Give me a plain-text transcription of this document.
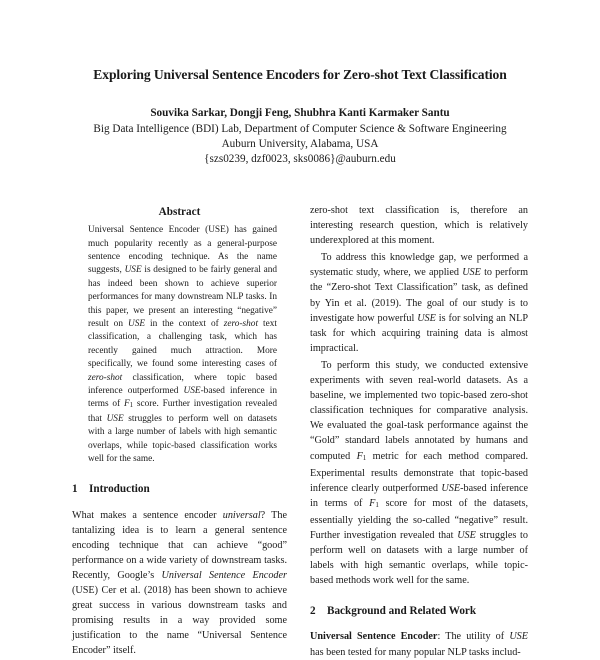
Exploring Universal Sentence Encoders for Zero-shot Text Classification
Souvika Sarkar, Dongji Feng, Shubhra Kanti Karmaker Santu
Big Data Intelligence (BDI) Lab, Department of Computer Science & Software Engineering
Auburn University, Alabama, USA
{szs0239, dzf0023, sks0086}@auburn.edu
Abstract

Universal Sentence Encoder (USE) has gained much popularity recently as a general-purpose sentence encoding technique. As the name suggests, USE is designed to be fairly general and has indeed been shown to achieve superior performances for many downstream NLP tasks. In this paper, we present an interesting “negative” result on USE in the context of zero-shot text classification, a challenging task, which has recently gained much attraction. More specifically, we found some interesting cases of zero-shot classification, where topic based inference outperformed USE-based inference in terms of F1 score. Further investigation revealed that USE struggles to perform well on datasets with a large number of labels with high semantic overlaps, while topic-based classification works well for the same.

1 Introduction

What makes a sentence encoder universal? The tantalizing idea is to learn a general sentence encoding technique that can achieve “good” performance on a wide variety of downstream tasks. Recently, Google’s Universal Sentence Encoder (USE) Cer et al. (2018) has been shown to achieve great success in various downstream tasks and promising results in a way provided some justification to the name “Universal Sentence Encoder” itself.

zero-shot text classification is, therefore an interesting research question, which is relatively underexplored at this moment.

To address this knowledge gap, we performed a systematic study, where, we applied USE to perform the “Zero-shot Text Classification” task, as defined by Yin et al. (2019). The goal of our study is to investigate how powerful USE is for solving an NLP task for which acquiring training data is almost impractical.

To perform this study, we conducted extensive experiments with seven real-world datasets. As a baseline, we implemented two topic-based zero-shot classification techniques for comparative analysis. We evaluated the goal-task performance against the “Gold” standard labels annotated by humans and computed F1 metric for each method compared. Experimental results demonstrate that topic-based inference clearly outperformed USE-based inference in terms of F1 score for most of the datasets, essentially yielding the so-called “negative” result. Further investigation revealed that USE struggles to perform well on datasets with a large number of labels with high semantic overlaps, while topic-based methods work well for the same.

2 Background and Related Work

Universal Sentence Encoder: The utility of USE has been tested for many popular NLP tasks includ-
